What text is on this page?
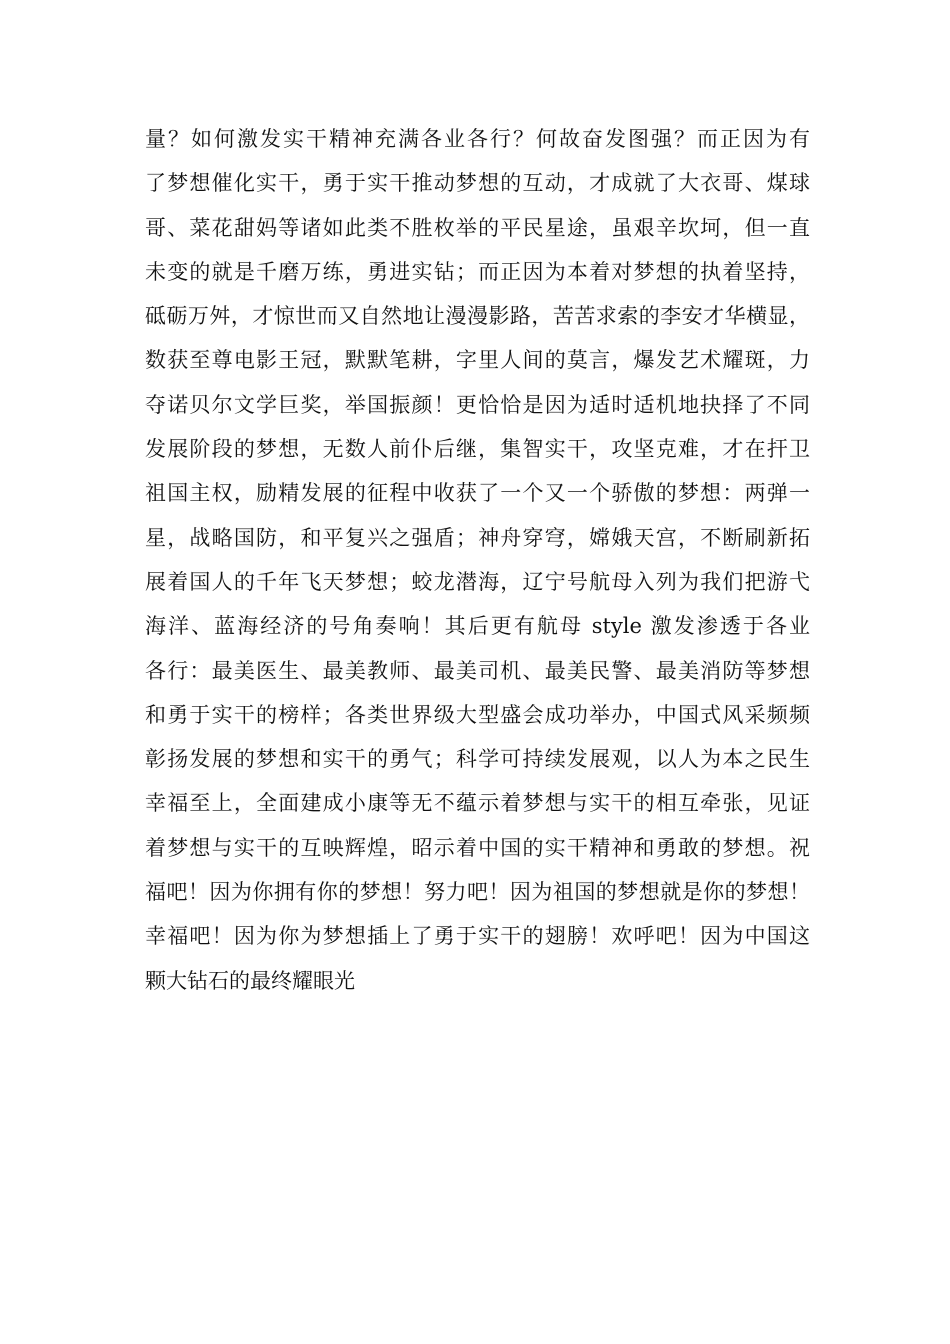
量？如何激发实干精神充满各业各行？何故奋发图强？而正因为有
了梦想催化实干，勇于实干推动梦想的互动，才成就了大衣哥、煤球
哥、菜花甜妈等诸如此类不胜枚举的平民星途，虽艰辛坎坷，但一直
未变的就是千磨万练，勇进实钻；而正因为本着对梦想的执着坚持，
砥砺万舛，才惊世而又自然地让漫漫影路，苦苦求索的李安才华横显，
数获至尊电影王冠，默默笔耕，字里人间的莫言，爆发艺术耀斑，力
夺诺贝尔文学巨奖，举国振颜！更恰恰是因为适时适机地抉择了不同
发展阶段的梦想，无数人前仆后继，集智实干，攻坚克难，才在扞卫
祖国主权，励精发展的征程中收获了一个又一个骄傲的梦想：两弹一
星，战略国防，和平复兴之强盾；神舟穿穹，嫦娥天宫，不断刷新拓
展着国人的千年飞天梦想；蛟龙潜海，辽宁号航母入列为我们把游弋
海洋、蓝海经济的号角奏响！其后更有航母 style 激发渗透于各业
各行：最美医生、最美教师、最美司机、最美民警、最美消防等梦想
和勇于实干的榜样；各类世界级大型盛会成功举办，中国式风采频频
彰扬发展的梦想和实干的勇气；科学可持续发展观，以人为本之民生
幸福至上，全面建成小康等无不蕴示着梦想与实干的相互牵张，见证
着梦想与实干的互映辉煌，昭示着中国的实干精神和勇敢的梦想。祝
福吧！因为你拥有你的梦想！努力吧！因为祖国的梦想就是你的梦想！
幸福吧！因为你为梦想插上了勇于实干的翅膀！欢呼吧！因为中国这
颗大钻石的最终耀眼光
